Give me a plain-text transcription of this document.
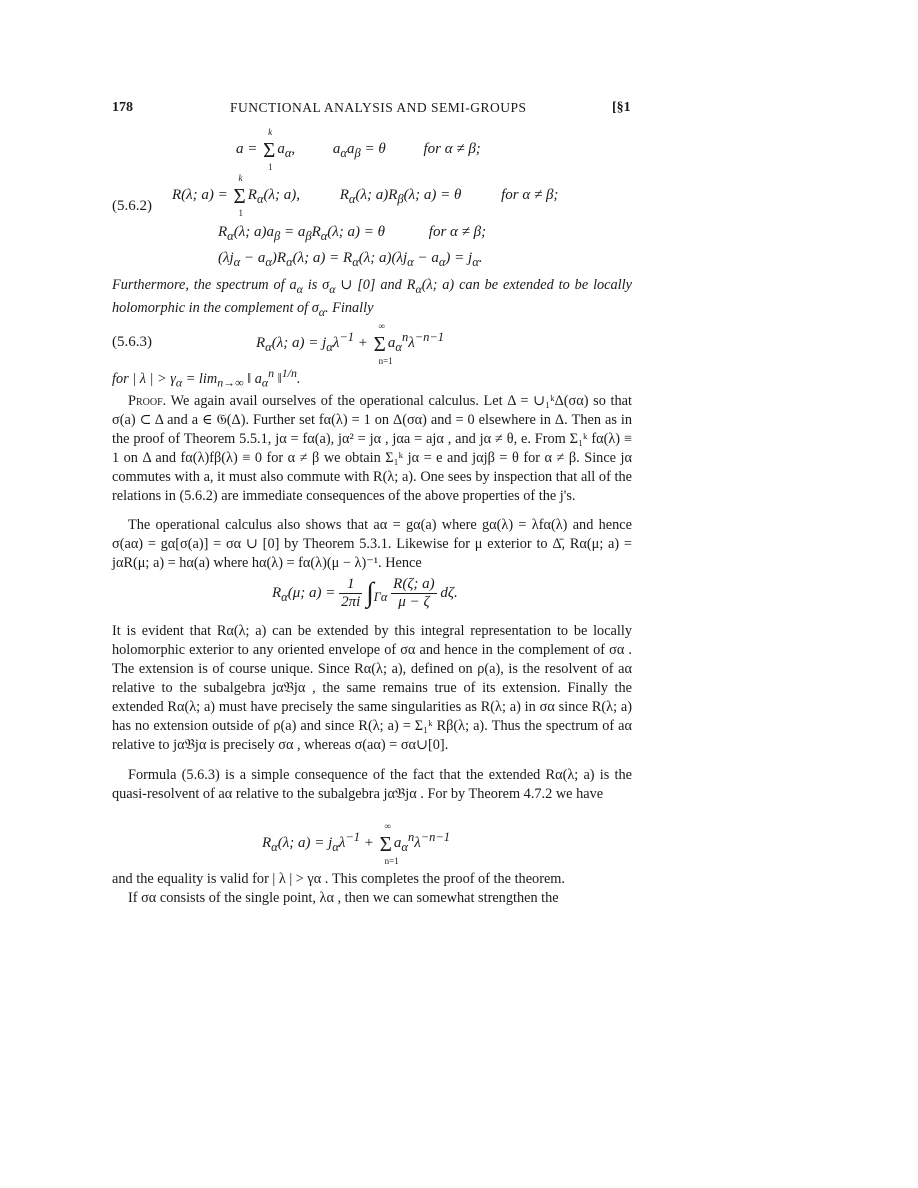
178	FUNCTIONAL ANALYSIS AND SEMI-GROUPS	[§1
a =
k
Σ
1
$a_\alpha$,	$a_\alpha a_\beta = \theta$	for α ≠ β;
(5.6.2)
R(λ; a) =
k
Σ
1
$R_\alpha(\lambda$; a),	$R_\alpha(\lambda$; $a)R_\beta(\lambda$; a) = θ	for α ≠ β;
$R_\alpha(\lambda$; $a)a_\beta = a_\beta R_\alpha(\lambda$; a) = θ	for α ≠ β;
$(\lambda j_\alpha - a_\alpha)R_\alpha(\lambda$; $a) = R_\alpha(\lambda$; $a)(\lambda j_\alpha - a_\alpha) = j_\alpha$.
Furthermore, the spectrum of $a_\alpha$ is $\sigma_\alpha$ ∪ [0] and $R_\alpha(\lambda$; a) can be extended to be locally holomorphic in the complement of $\sigma_\alpha$. Finally
(5.6.3)	$R_\alpha(\lambda$; $a) = j_\alpha\lambda^{-1}$ +
∞
Σ
n=1
$a_\alpha^n\lambda^{-n-1}$
for | λ | > $\gamma_\alpha = \lim_{n\to\infty}$ ‖ $a_\alpha^n$ ‖$^{1/n}$.

Proof. We again avail ourselves of the operational calculus. Let Δ = ∪₁ᵏΔ(σα) so that σ(a) ⊂ Δ and a ∈ 𝔊(Δ). Further set fα(λ) = 1 on Δ(σα) and = 0 elsewhere in Δ. Then as in the proof of Theorem 5.5.1, jα = fα(a), jα² = jα , jαa = ajα , and jα ≠ θ, e. From Σ₁ᵏ fα(λ) ≡ 1 on Δ and fα(λ)fβ(λ) ≡ 0 for α ≠ β we obtain Σ₁ᵏ jα = e and jαjβ = θ for α ≠ β. Since jα commutes with a, it must also commute with R(λ; a). One sees by inspection that all of the relations in (5.6.2) are immediate consequences of the above properties of the j's.

The operational calculus also shows that aα = gα(a) where gα(λ) = λfα(λ) and hence σ(aα) = gα[σ(a)] = σα ∪ [0] by Theorem 5.3.1. Likewise for μ exterior to Δ̄, Rα(μ; a) = jαR(μ; a) = hα(a) where hα(λ) = fα(λ)(μ − λ)⁻¹. Hence

$R_\alpha(\mu$; $a) = \frac{1}{2\pi i} \int_{\Gamma\alpha} \frac{R(\zeta; a)}{\mu - \zeta} d\zeta$.

It is evident that Rα(λ; a) can be extended by this integral representation to be locally holomorphic exterior to any oriented envelope of σα and hence in the complement of σα . The extension is of course unique. Since Rα(λ; a), defined on ρ(a), is the resolvent of aα relative to the subalgebra jα𝔅jα , the same remains true of its extension. Finally the extended Rα(λ; a) must have precisely the same singularities as R(λ; a) in σα since R(λ; a) has no extension outside of ρ(a) and since R(λ; a) = Σ₁ᵏ Rβ(λ; a). Thus the spectrum of aα relative to jα𝔅jα is precisely σα , whereas σ(aα) = σα∪[0].

Formula (5.6.3) is a simple consequence of the fact that the extended Rα(λ; a) is the quasi-resolvent of aα relative to the subalgebra jα𝔅jα . For by Theorem 4.7.2 we have

$R_\alpha(\lambda$; $a) = j_\alpha\lambda^{-1}$ +
∞
Σ
n=1
$a_\alpha^n\lambda^{-n-1}$

and the equality is valid for | λ | > γα . This completes the proof of the theorem.

If σα consists of the single point, λα , then we can somewhat strengthen the
